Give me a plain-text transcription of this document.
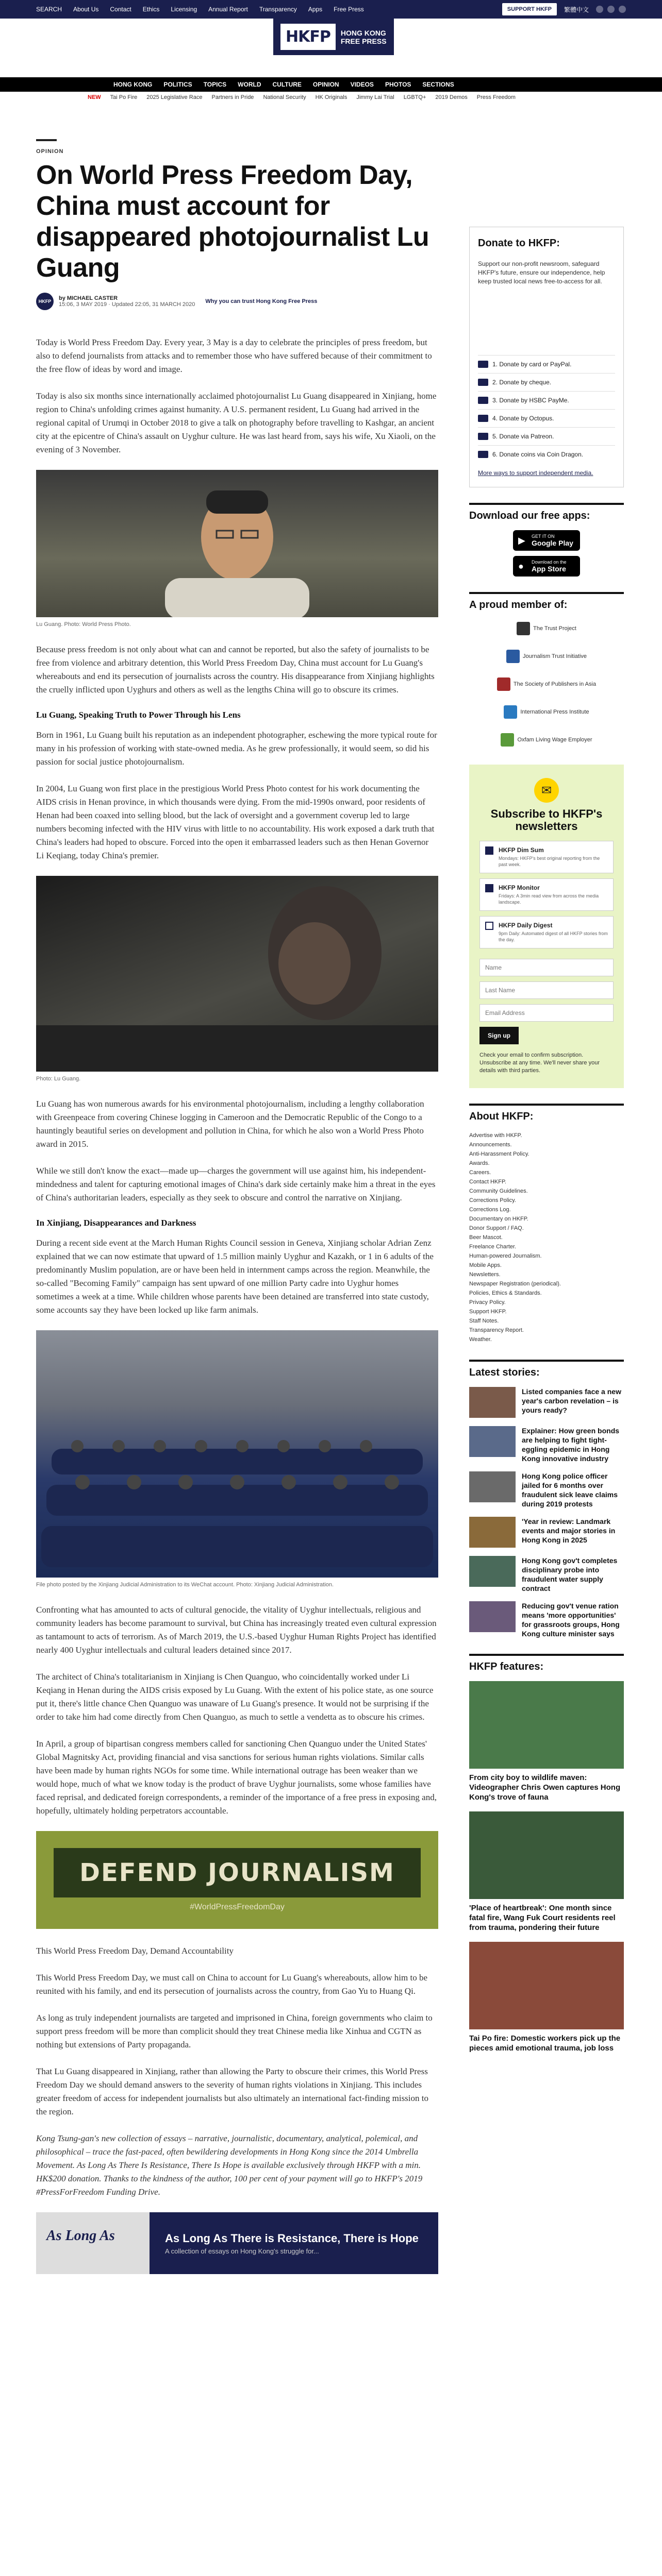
SEARCH About Us Contact Ethics Licensing Annual Report Transparency Apps Free Press	SUPPORT HKFP	繁體中文
HKFP	HONG KONG
FREE PRESS
HONG KONG POLITICS TOPICS WORLD CULTURE OPINION VIDEOS PHOTOS SECTIONS
NEW Tai Po Fire 2025 Legislative Race Partners in Pride National Security HK Originals Jimmy Lai Trial LGBTQ+ 2019 Demos Press Freedom
OPINION
On World Press Freedom Day, China must account for disappeared photojournalist Lu Guang
HKFP	by MICHAEL CASTER
15:06, 3 MAY 2019 · Updated 22:05, 31 MARCH 2020 Why you can trust Hong Kong Free Press

Today is World Press Freedom Day. Every year, 3 May is a day to celebrate the principles of press freedom, but also to defend journalists from attacks and to remember those who have suffered because of their commitment to the free flow of ideas by word and image.

Today is also six months since internationally acclaimed photojournalist Lu Guang disappeared in Xinjiang, home region to China's unfolding crimes against humanity. A U.S. permanent resident, Lu Guang had arrived in the regional capital of Urumqi in October 2018 to give a talk on photography before travelling to Kashgar, an ancient city at the epicentre of China's assault on Uyghur culture. He was last heard from, says his wife, Xu Xiaoli, on the evening of 3 November.

Lu Guang. Photo: World Press Photo.

Because press freedom is not only about what can and cannot be reported, but also the safety of journalists to be free from violence and arbitrary detention, this World Press Freedom Day, China must account for Lu Guang's whereabouts and end its persecution of journalists across the country. His disappearance from Xinjiang highlights the cruelly inflicted upon Uyghurs and others as well as the lengths China will go to obscure its crimes.

Lu Guang, Speaking Truth to Power Through his Lens

Born in 1961, Lu Guang built his reputation as an independent photographer, eschewing the more typical route for many in his profession of working with state-owned media. As he grew professionally, it would seem, so did his passion for social justice photojournalism.

In 2004, Lu Guang won first place in the prestigious World Press Photo contest for his work documenting the AIDS crisis in Henan province, in which thousands were dying. From the mid-1990s onward, poor residents of Henan had been coaxed into selling blood, but the lack of oversight and a government coverup led to large numbers becoming infected with the HIV virus with little to no accountability. His work exposed a dark truth that China's leaders had hoped to obscure. Forced into the open it embarrassed leaders such as then Henan Governor Li Keqiang, today China's premier.

Photo: Lu Guang.

Lu Guang has won numerous awards for his environmental photojournalism, including a lengthy collaboration with Greenpeace from covering Chinese logging in Cameroon and the Democratic Republic of the Congo to a hauntingly beautiful series on development and pollution in China, for which he also won a World Press Photo award in 2015.

While we still don't know the exact—made up—charges the government will use against him, his independent-mindedness and talent for capturing emotional images of China's dark side certainly make him a threat in the eyes of China's authoritarian leaders, especially as they seek to obscure and control the narrative on Xinjiang.

In Xinjiang, Disappearances and Darkness

During a recent side event at the March Human Rights Council session in Geneva, Xinjiang scholar Adrian Zenz explained that we can now estimate that upward of 1.5 million mainly Uyghur and Kazakh, or 1 in 6 adults of the predominantly Muslim population, are or have been held in internment camps across the region. Meanwhile, the so-called "Becoming Family" campaign has sent upward of one million Party cadre into Uyghur homes sometimes a week at a time. While children whose parents have been detained are transferred into state custody, some accounts say they have been locked up like farm animals.

File photo posted by the Xinjiang Judicial Administration to its WeChat account. Photo: Xinjiang Judicial Administration.

Confronting what has amounted to acts of cultural genocide, the vitality of Uyghur intellectuals, religious and community leaders has become paramount to survival, but China has increasingly treated even cultural expression as tantamount to acts of terrorism. As of March 2019, the U.S.-based Uyghur Human Rights Project has identified nearly 400 Uyghur intellectuals and cultural leaders detained since 2017.

The architect of China's totalitarianism in Xinjiang is Chen Quanguo, who coincidentally worked under Li Keqiang in Henan during the AIDS crisis exposed by Lu Guang. With the extent of his police state, as one source put it, there's little chance Chen Quanguo was unaware of Lu Guang's presence. It would not be surprising if the order to take him had come directly from Chen Quanguo, as much to settle a vendetta as to obscure his crimes.

In April, a group of bipartisan congress members called for sanctioning Chen Quanguo under the United States' Global Magnitsky Act, providing financial and visa sanctions for serious human rights violations. Similar calls have been made by human rights NGOs for some time. While international outrage has been weaker than we would hope, much of what we know today is the product of brave Uyghur journalists, some whose families have faced reprisal, and dedicated foreign correspondents, a reminder of the importance of a free press in exposing and, hopefully, ultimately holding perpetrators accountable.

DEFEND JOURNALISM
#WorldPressFreedomDay

This World Press Freedom Day, Demand Accountability

This World Press Freedom Day, we must call on China to account for Lu Guang's whereabouts, allow him to be reunited with his family, and end its persecution of journalists across the country, from Gao Yu to Huang Qi.

As long as truly independent journalists are targeted and imprisoned in China, foreign governments who claim to support press freedom will be more than complicit should they treat Chinese media like Xinhua and CGTN as nothing but extensions of Party propaganda.

That Lu Guang disappeared in Xinjiang, rather than allowing the Party to obscure their crimes, this World Press Freedom Day we should demand answers to the severity of human rights violations in Xinjiang. This includes greater freedom of access for independent journalists but also ultimately an international fact-finding mission to the region.

Kong Tsung-gan's new collection of essays – narrative, journalistic, documentary, analytical, polemical, and philosophical – trace the fast-paced, often bewildering developments in Hong Kong since the 2014 Umbrella Movement. As Long As There Is Resistance, There Is Hope is available exclusively through HKFP with a min. HK$200 donation. Thanks to the kindness of the author, 100 per cent of your payment will go to HKFP's 2019 #PressForFreedom Funding Drive.

As Long As	As Long As There is Resistance, There is Hope
A collection of essays on Hong Kong's struggle for...
Donate to HKFP:
Support our non-profit newsroom, safeguard HKFP's future, ensure our independence, help keep trusted local news free-to-access for all.
1. Donate by card or PayPal.
2. Donate by cheque.
3. Donate by HSBC PayMe.
4. Donate by Octopus.
5. Donate via Patreon.
6. Donate coins via Coin Dragon.
More ways to support independent media.
Download our free apps:
▶ GET IT ON
Google Play
● Download on the
App Store
A proud member of:
The Trust Project
Journalism Trust Initiative
The Society of Publishers in Asia
International Press Institute
Oxfam Living Wage Employer
✉
Subscribe to HKFP's newsletters
HKFP Dim Sum
Mondays: HKFP's best original reporting from the past week.
HKFP Monitor
Fridays: A 3min read view from across the media landscape.
HKFP Daily Digest
9pm Daily: Automated digest of all HKFP stories from the day.
Name Last Name Email Address Sign up
Check your email to confirm subscription. Unsubscribe at any time. We'll never share your details with third parties.
About HKFP:
Advertise with HKFP.
Announcements.
Anti-Harassment Policy.
Awards.
Careers.
Contact HKFP.
Community Guidelines.
Corrections Policy.
Corrections Log.
Documentary on HKFP.
Donor Support / FAQ.
Beer Mascot.
Freelance Charter.
Human-powered Journalism.
Mobile Apps.
Newsletters.
Newspaper Registration (periodical).
Policies, Ethics & Standards.
Privacy Policy.
Support HKFP.
Staff Notes.
Transparency Report.
Weather.
Latest stories:
Listed companies face a new year's carbon revelation – is yours ready?
Explainer: How green bonds are helping to fight tight-eggling epidemic in Hong Kong innovative industry
Hong Kong police officer jailed for 6 months over fraudulent sick leave claims during 2019 protests
'Year in review: Landmark events and major stories in Hong Kong in 2025
Hong Kong gov't completes disciplinary probe into fraudulent water supply contract
Reducing gov't venue ration means 'more opportunities' for grassroots groups, Hong Kong culture minister says
HKFP features:
From city boy to wildlife maven: Videographer Chris Owen captures Hong Kong's trove of fauna
'Place of heartbreak': One month since fatal fire, Wang Fuk Court residents reel from trauma, pondering their future
Tai Po fire: Domestic workers pick up the pieces amid emotional trauma, job loss
